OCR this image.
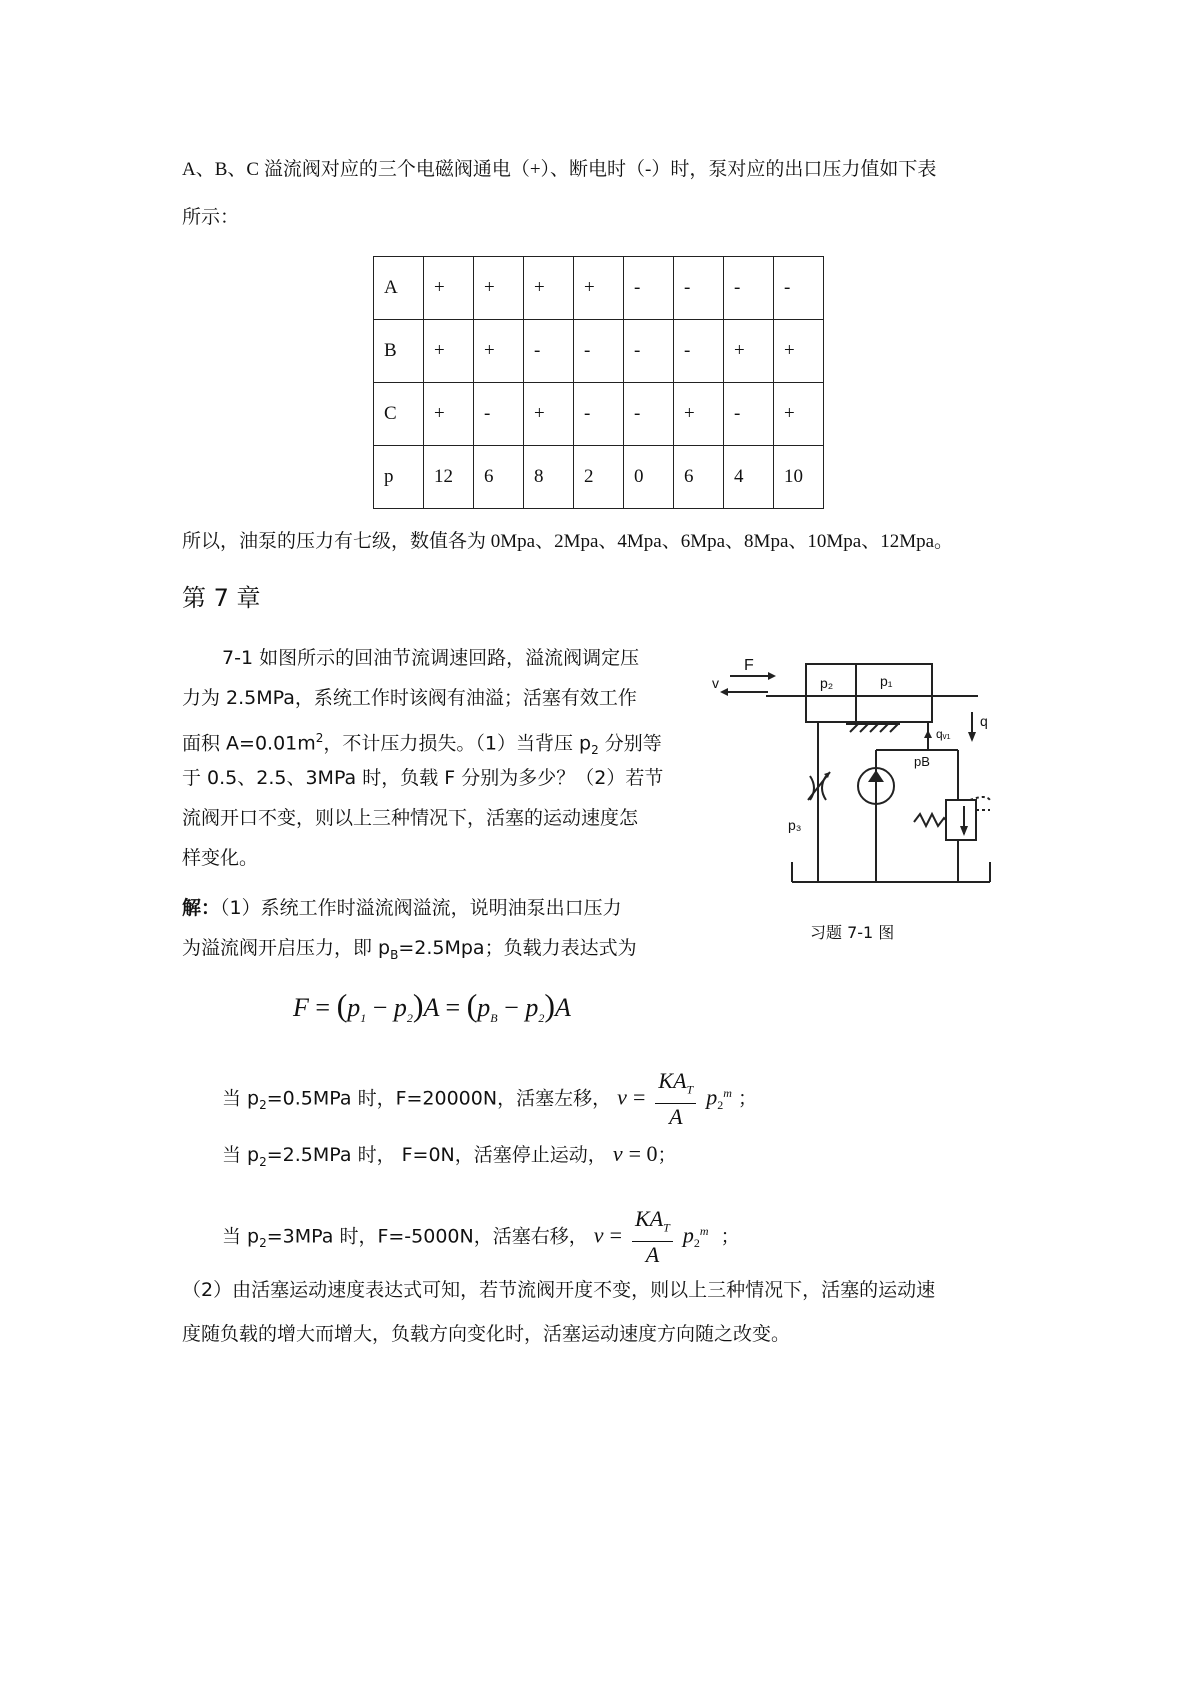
A、B、C 溢流阀对应的三个电磁阀通电（+）、断电时（-）时，泵对应的出口压力值如下表
所示：
A	+	+	+	+	-	-	-	-
B	+	+	-	-	-	-	+	+
C	+	-	+	-	-	+	-	+
p	12	6	8	2	0	6	4	10
所以，油泵的压力有七级，数值各为 0Mpa、2Mpa、4Mpa、6Mpa、8Mpa、10Mpa、12Mpa。
第 7 章
7-1 如图所示的回油节流调速回路，溢流阀调定压
力为 2.5MPa，系统工作时该阀有油溢；活塞有效工作
面积 $A=0.01m^2$，不计压力损失。（1）当背压 $p_2$ 分别等
于 0.5、2.5、3MPa 时，负载 F 分别为多少？（2）若节
流阀开口不变，则以上三种情况下，活塞的运动速度怎
样变化。
解：（1）系统工作时溢流阀溢流，说明油泵出口压力
为溢流阀开启压力，即 $p_B=2.5Mpa$；负载力表达式为
$F = (p_1 - p_2)A = (p_B - p_2)A$
当 $p_2=0.5MPa$ 时，F=20000N，活塞左移， $v = \frac{KA_T}{A} p_2^m$ ；
当 $p_2=2.5MPa$ 时， F=0N，活塞停止运动， v = 0；
当 $p_2=3MPa$ 时，F=-5000N，活塞右移， $v = \frac{KA_T}{A} p_2^m$ ；
（2）由活塞运动速度表达式可知，若节流阀开度不变，则以上三种情况下，活塞的运动速
度随负载的增大而增大，负载方向变化时，活塞运动速度方向随之改变。
F
v	p₂	p₁
qᵥ₁
pB
q
p₃
习题 7-1 图
